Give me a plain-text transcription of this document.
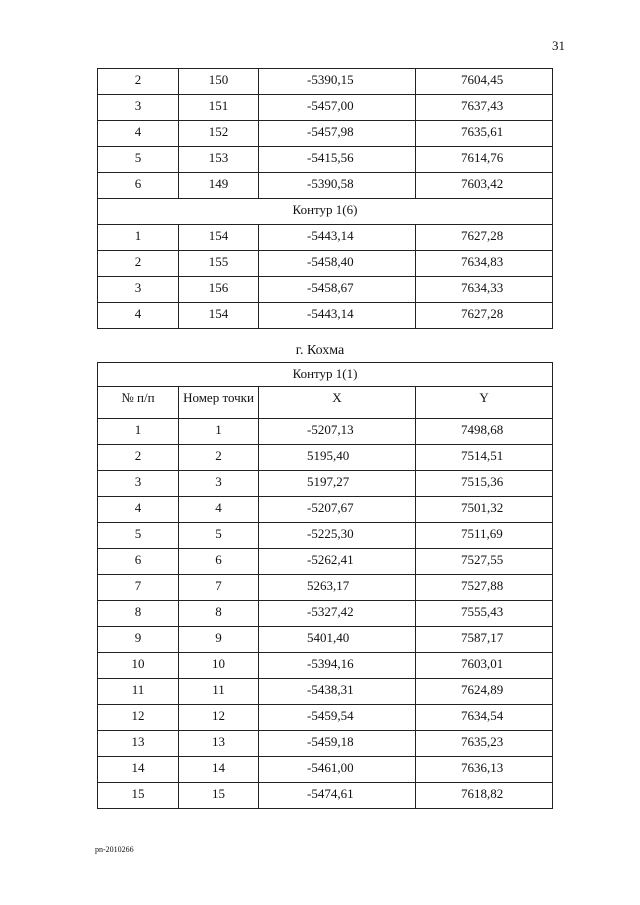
31
2	150	-5390,15	7604,45

3	151	-5457,00	7637,43

4	152	-5457,98	7635,61

5	153	-5415,56	7614,76

6	149	-5390,58	7603,42

Контур 1(6)			

1	154	-5443,14	7627,28

2	155	-5458,40	7634,83

3	156	-5458,67	7634,33

4	154	-5443,14	7627,28
г. Кохма
Контур 1(1)			

№ п/п	Номер точки	X	Y

1	1	-5207,13	7498,68

2	2	5195,40	7514,51

3	3	5197,27	7515,36

4	4	-5207,67	7501,32

5	5	-5225,30	7511,69

6	6	-5262,41	7527,55

7	7	5263,17	7527,88

8	8	-5327,42	7555,43

9	9	5401,40	7587,17

10	10	-5394,16	7603,01

11	11	-5438,31	7624,89

12	12	-5459,54	7634,54

13	13	-5459,18	7635,23

14	14	-5461,00	7636,13

15	15	-5474,61	7618,82
pn-2010266
